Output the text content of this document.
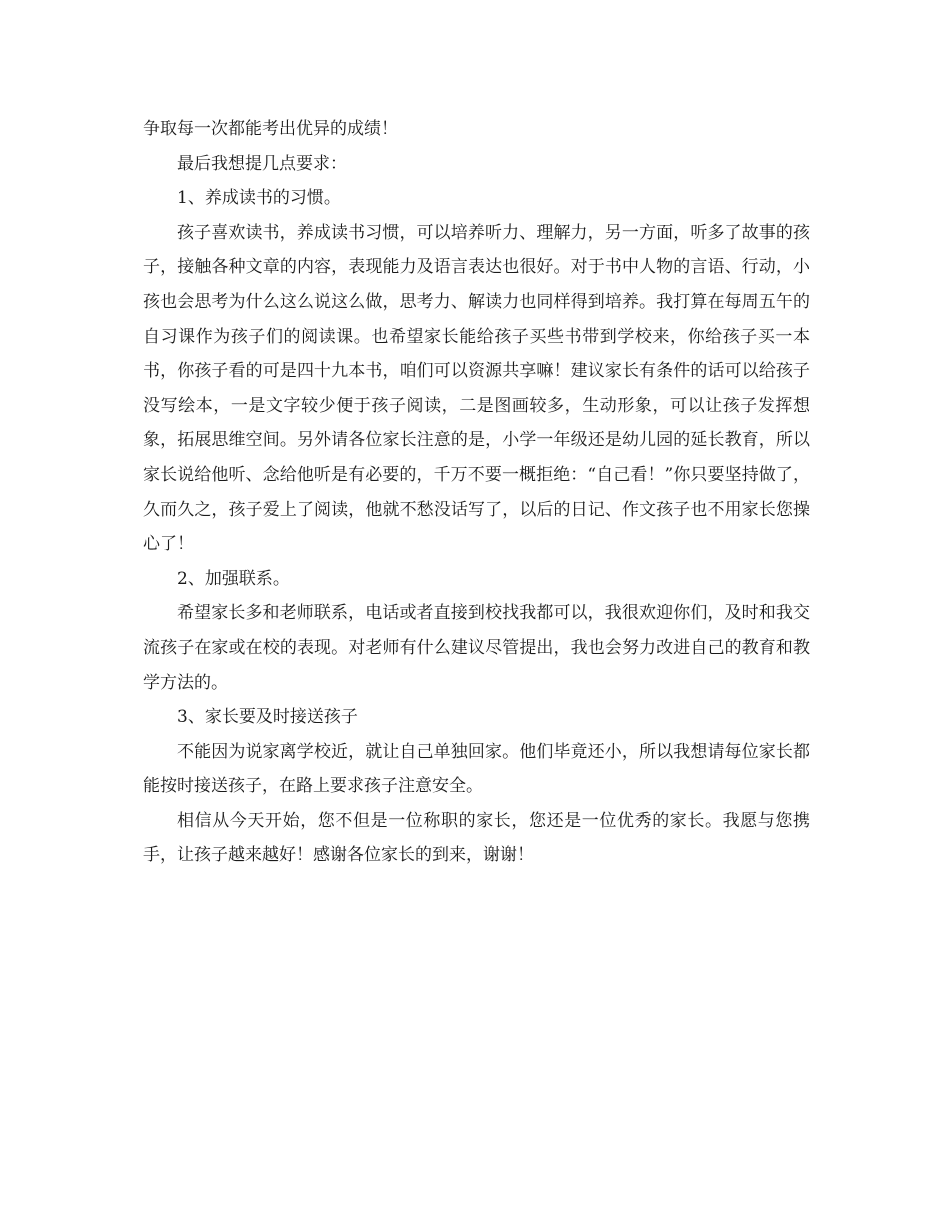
争取每一次都能考出优异的成绩！

最后我想提几点要求：

1、养成读书的习惯。

孩子喜欢读书，养成读书习惯，可以培养听力、理解力，另一方面，听多了故事的孩子，接触各种文章的内容，表现能力及语言表达也很好。对于书中人物的言语、行动，小孩也会思考为什么这么说这么做，思考力、解读力也同样得到培养。我打算在每周五午的自习课作为孩子们的阅读课。也希望家长能给孩子买些书带到学校来，你给孩子买一本书，你孩子看的可是四十九本书，咱们可以资源共享嘛！建议家长有条件的话可以给孩子没写绘本，一是文字较少便于孩子阅读，二是图画较多，生动形象，可以让孩子发挥想象，拓展思维空间。另外请各位家长注意的是，小学一年级还是幼儿园的延长教育，所以家长说给他听、念给他听是有必要的，千万不要一概拒绝：“自己看！”你只要坚持做了，久而久之，孩子爱上了阅读，他就不愁没话写了，以后的日记、作文孩子也不用家长您操心了！

2、加强联系。

希望家长多和老师联系，电话或者直接到校找我都可以，我很欢迎你们，及时和我交流孩子在家或在校的表现。对老师有什么建议尽管提出，我也会努力改进自己的教育和教学方法的。

3、家长要及时接送孩子

不能因为说家离学校近，就让自己单独回家。他们毕竟还小，所以我想请每位家长都能按时接送孩子，在路上要求孩子注意安全。

相信从今天开始，您不但是一位称职的家长，您还是一位优秀的家长。我愿与您携手，让孩子越来越好！感谢各位家长的到来，谢谢！
